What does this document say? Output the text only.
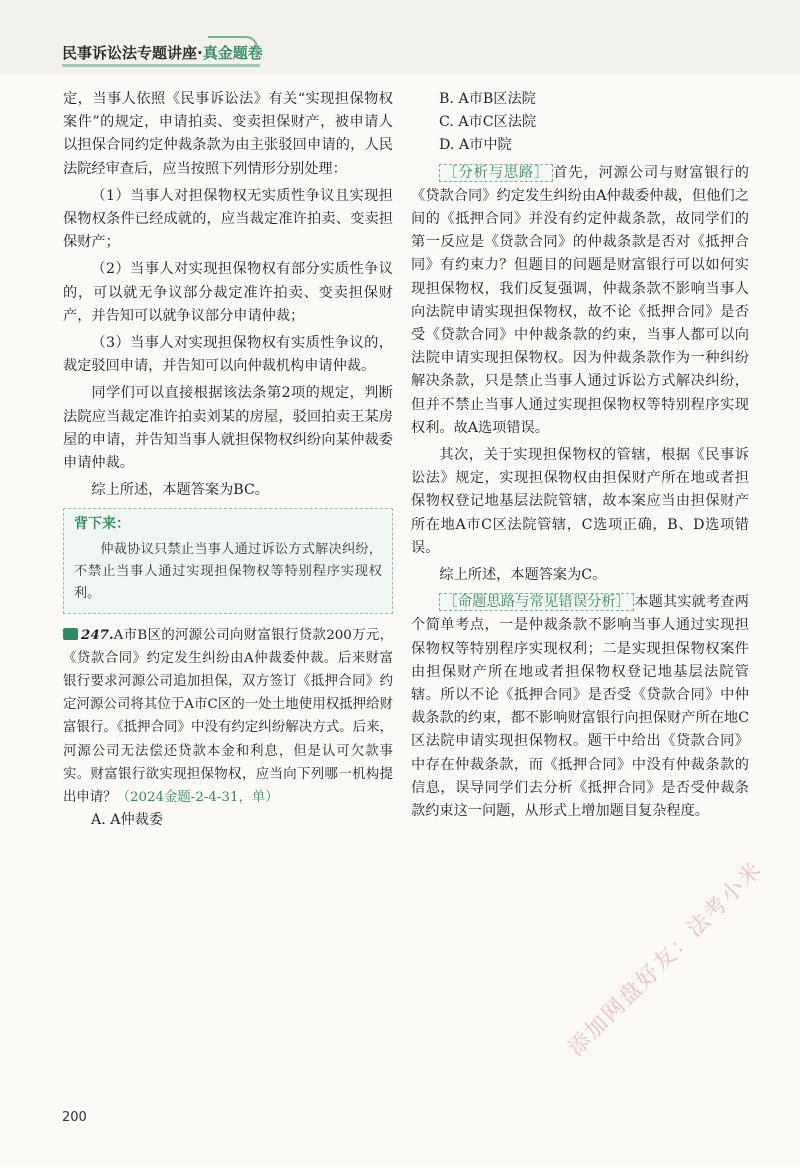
民事诉讼法专题讲座·真金题卷

定，当事人依照《民事诉讼法》有关“实现担保物权案件”的规定，申请拍卖、变卖担保财产，被申请人以担保合同约定仲裁条款为由主张驳回申请的，人民法院经审查后，应当按照下列情形分别处理：

（1）当事人对担保物权无实质性争议且实现担保物权条件已经成就的，应当裁定准许拍卖、变卖担保财产；

（2）当事人对实现担保物权有部分实质性争议的，可以就无争议部分裁定准许拍卖、变卖担保财产，并告知可以就争议部分申请仲裁；

（3）当事人对实现担保物权有实质性争议的，裁定驳回申请，并告知可以向仲裁机构申请仲裁。

同学们可以直接根据该法条第2项的规定，判断法院应当裁定准许拍卖刘某的房屋，驳回拍卖王某房屋的申请，并告知当事人就担保物权纠纷向某仲裁委申请仲裁。

综上所述，本题答案为BC。

背下来：

仲裁协议只禁止当事人通过诉讼方式解决纠纷，不禁止当事人通过实现担保物权等特别程序实现权利。

247.A市B区的河源公司向财富银行贷款200万元，《贷款合同》约定发生纠纷由A仲裁委仲裁。后来财富银行要求河源公司追加担保，双方签订《抵押合同》约定河源公司将其位于A市C区的一处土地使用权抵押给财富银行。《抵押合同》中没有约定纠纷解决方式。后来，河源公司无法偿还贷款本金和利息，但是认可欠款事实。财富银行欲实现担保物权，应当向下列哪一机构提出申请？（2024金题-2-4-31，单）

A. A仲裁委

B. A市B区法院

C. A市C区法院

D. A市中院

［分析与思路］ 首先，河源公司与财富银行的《贷款合同》约定发生纠纷由A仲裁委仲裁，但他们之间的《抵押合同》并没有约定仲裁条款，故同学们的第一反应是《贷款合同》的仲裁条款是否对《抵押合同》有约束力？但题目的问题是财富银行可以如何实现担保物权，我们反复强调，仲裁条款不影响当事人向法院申请实现担保物权，故不论《抵押合同》是否受《贷款合同》中仲裁条款的约束，当事人都可以向法院申请实现担保物权。因为仲裁条款作为一种纠纷解决条款，只是禁止当事人通过诉讼方式解决纠纷，但并不禁止当事人通过实现担保物权等特别程序实现权利。故A选项错误。

其次，关于实现担保物权的管辖，根据《民事诉讼法》规定，实现担保物权由担保财产所在地或者担保物权登记地基层法院管辖，故本案应当由担保财产所在地A市C区法院管辖，C选项正确，B、D选项错误。

综上所述，本题答案为C。

［命题思路与常见错误分析］ 本题其实就考查两个简单考点，一是仲裁条款不影响当事人通过实现担保物权等特别程序实现权利；二是实现担保物权案件由担保财产所在地或者担保物权登记地基层法院管辖。所以不论《抵押合同》是否受《贷款合同》中仲裁条款的约束，都不影响财富银行向担保财产所在地C区法院申请实现担保物权。题干中给出《贷款合同》中存在仲裁条款，而《抵押合同》中没有仲裁条款的信息，误导同学们去分析《抵押合同》是否受仲裁条款约束这一问题，从形式上增加题目复杂程度。

200
添加网盘好友：法考小米
